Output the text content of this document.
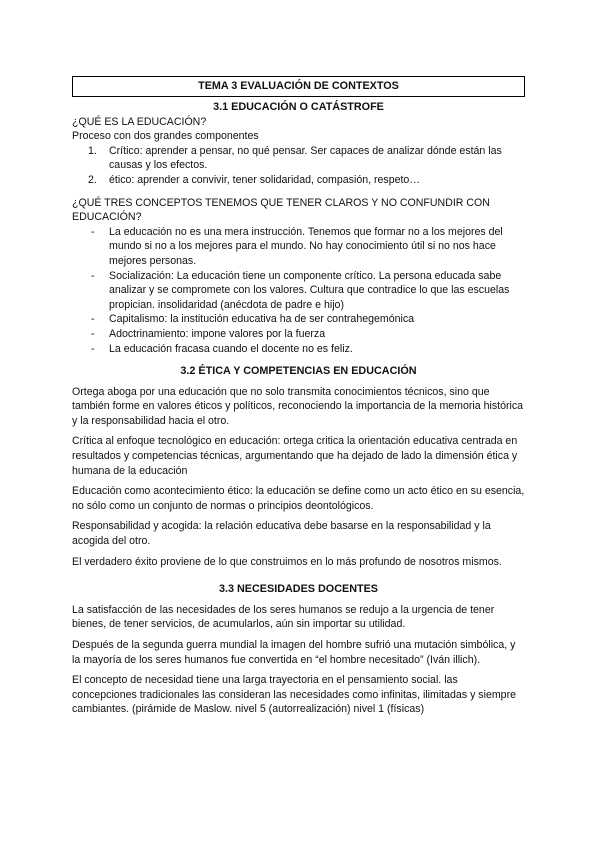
TEMA 3 EVALUACIÓN DE CONTEXTOS
3.1 EDUCACIÓN O CATÁSTROFE

¿QUÉ ES LA EDUCACIÓN?

Proceso con dos grandes componentes

1. Crítico: aprender a pensar, no qué pensar. Ser capaces de analizar dónde están las causas y los efectos.
2. ético: aprender a convivir, tener solidaridad, compasión, respeto…

¿QUÉ TRES CONCEPTOS TENEMOS QUE TENER CLAROS Y NO CONFUNDIR CON EDUCACIÓN?

- La educación no es una mera instrucción. Tenemos que formar no a los mejores del mundo si no a los mejores para el mundo. No hay conocimiento útil si no nos hace mejores personas.
- Socialización: La educación tiene un componente crítico. La persona educada sabe analizar y se compromete con los valores. Cultura que contradice lo que las escuelas propician. insolidaridad (anécdota de padre e hijo)
- Capitalismo: la institución educativa ha de ser contrahegemónica
- Adoctrinamiento: impone valores por la fuerza
- La educación fracasa cuando el docente no es feliz.
3.2 ÉTICA Y COMPETENCIAS EN EDUCACIÓN

Ortega aboga por una educación que no solo transmita conocimientos técnicos, sino que también forme en valores éticos y políticos, reconociendo la importancia de la memoria histórica y la responsabilidad hacia el otro.

Crítica al enfoque tecnológico en educación: ortega critica la orientación educativa centrada en resultados y competencias técnicas, argumentando que ha dejado de lado la dimensión ética y humana de la educación

Educación como acontecimiento ético: la educación se define como un acto ético en su esencia, no sólo como un conjunto de normas o principios deontológicos.

Responsabilidad y acogida: la relación educativa debe basarse en la responsabilidad y la acogida del otro.

El verdadero éxito proviene de lo que construimos en lo más profundo de nosotros mismos.

3.3 NECESIDADES DOCENTES

La satisfacción de las necesidades de los seres humanos se redujo a la urgencia de tener bienes, de tener servicios, de acumularlos, aún sin importar su utilidad.

Después de la segunda guerra mundial la imagen del hombre sufrió una mutación simbólica, y la mayoría de los seres humanos fue convertida en “el hombre necesitado” (Iván illich).

El concepto de necesidad tiene una larga trayectoria en el pensamiento social. las concepciones tradicionales las consideran las necesidades como infinitas, ilimitadas y siempre cambiantes. (pirámide de Maslow. nivel 5 (autorrealización) nivel 1 (físicas)
